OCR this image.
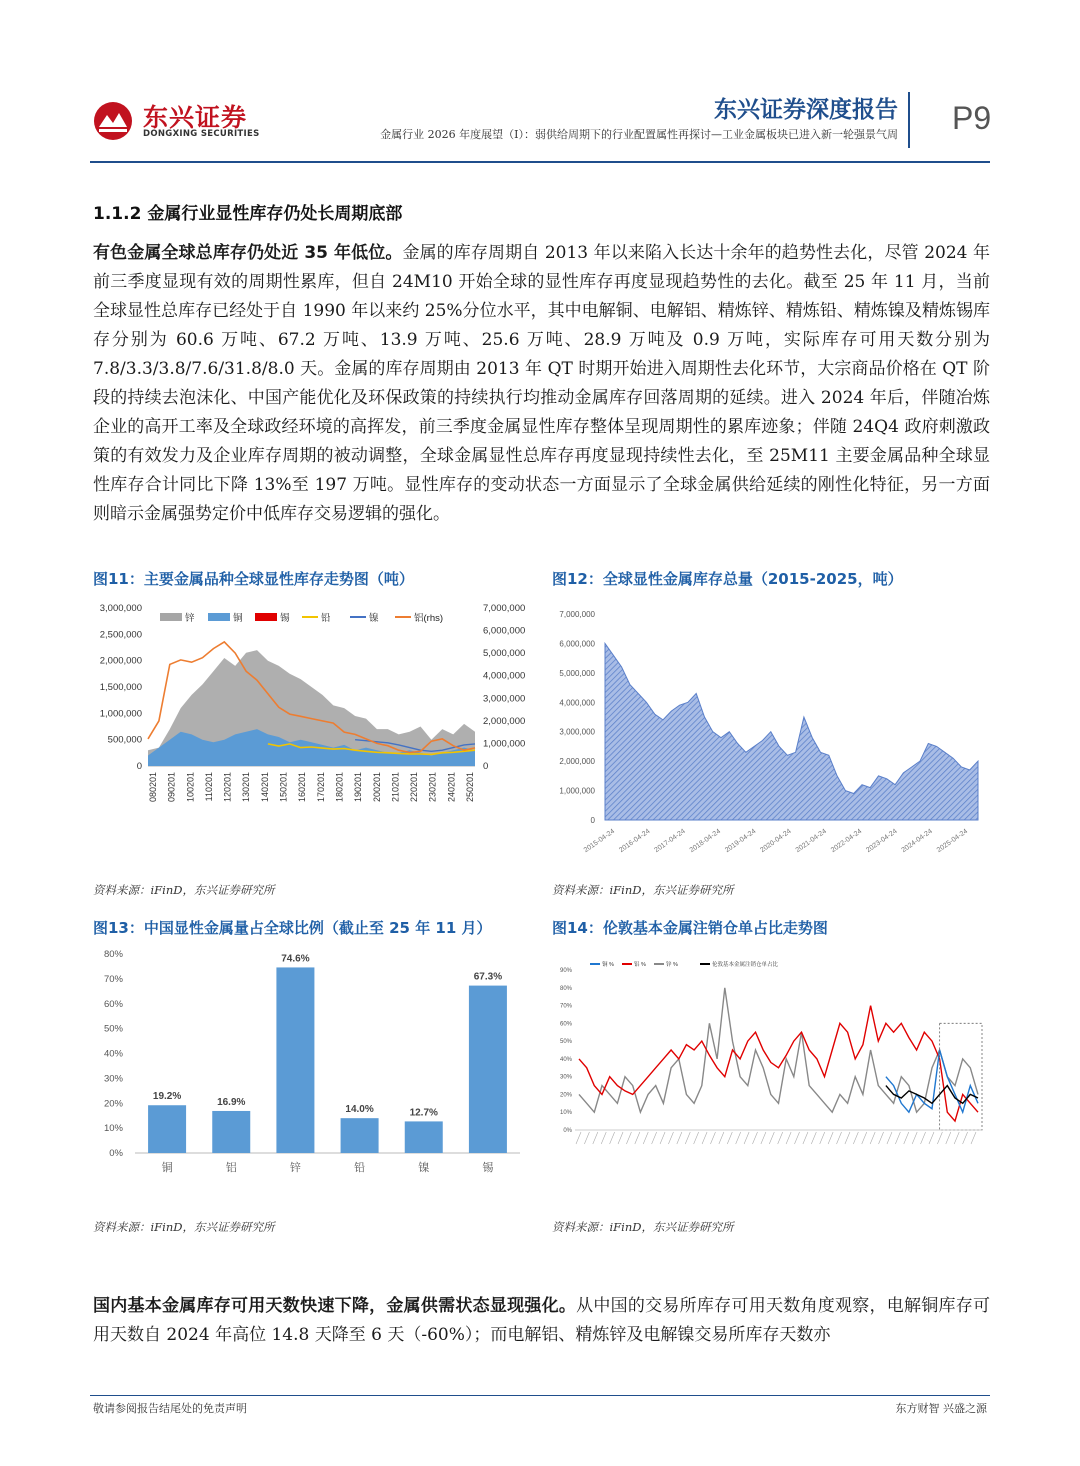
东兴证券
DONGXING SECURITIES
东兴证券深度报告
金属行业 2026 年度展望（Ⅰ）：弱供给周期下的行业配置属性再探讨—工业金属板块已进入新一轮强景气周 P9
1.1.2 金属行业显性库存仍处长周期底部
有色金属全球总库存仍处近 35 年低位。金属的库存周期自 2013 年以来陷入长达十余年的趋势性去化，尽管 2024 年前三季度显现有效的周期性累库，但自 24M10 开始全球的显性库存再度显现趋势性的去化。截至 25 年 11 月，当前全球显性总库存已经处于自 1990 年以来约 25%分位水平，其中电解铜、电解铝、精炼锌、精炼铅、精炼镍及精炼锡库存分别为 60.6 万吨、67.2 万吨、13.9 万吨、25.6 万吨、28.9 万吨及 0.9 万吨，实际库存可用天数分别为 7.8/3.3/3.8/7.6/31.8/8.0 天。金属的库存周期由 2013 年 QT 时期开始进入周期性去化环节，大宗商品价格在 QT 阶段的持续去泡沫化、中国产能优化及环保政策的持续执行均推动金属库存回落周期的延续。进入 2024 年后，伴随冶炼企业的高开工率及全球政经环境的高挥发，前三季度金属显性库存整体呈现周期性的累库迹象；伴随 24Q4 政府刺激政策的有效发力及企业库存周期的被动调整，全球金属显性总库存再度显现持续性去化，至 25M11 主要金属品种全球显性库存合计同比下降 13%至 197 万吨。显性库存的变动状态一方面显示了全球金属供给延续的刚性化特征，另一方面则暗示金属强势定价中低库存交易逻辑的强化。
图11：主要金属品种全球显性库存走势图（吨）	图12：全球显性金属库存总量（2015-2025，吨）
图13：中国显性金属量占全球比例（截止至 25 年 11 月）	图14：伦敦基本金属注销仓单占比走势图
3,000,000
2,500,000
2,000,000
1,500,000
1,000,000
500,000
0
7,000,000
6,000,000
5,000,000
4,000,000
3,000,000
2,000,000
1,000,000
0
锌	铜	锡	铅	镍	铝(rhs)
080201 090201 100201 110201 120201 130201 140201 150201 160201 170201 180201 190201 200201 210201 220201 230201 240201 250201
7,000,000
6,000,000
5,000,000
4,000,000
3,000,000
2,000,000
1,000,000
0
2015-04-24 2016-04-24 2017-04-24 2018-04-24 2019-04-24 2020-04-24 2021-04-24 2022-04-24 2023-04-24 2024-04-24 2025-04-24
80%
70%
60%
50%
40%
30%
20%
10%
0%
19.2%
铜
16.9%
铝
74.6%
锌
14.0%
铅
12.7%
镍
67.3%
锡
90%
80%
70%
60%
50%
40%
30%
20%
10%
0%
铜 %	铝 %	锌 %	伦敦基本金属注销仓单占比
资料来源：iFinD，东兴证券研究所	资料来源：iFinD，东兴证券研究所
资料来源：iFinD，东兴证券研究所	资料来源：iFinD，东兴证券研究所
国内基本金属库存可用天数快速下降，金属供需状态显现强化。从中国的交易所库存可用天数角度观察，电解铜库存可用天数自 2024 年高位 14.8 天降至 6 天（-60%）；而电解铝、精炼锌及电解镍交易所库存天数亦
敬请参阅报告结尾处的免责声明	东方财智 兴盛之源
